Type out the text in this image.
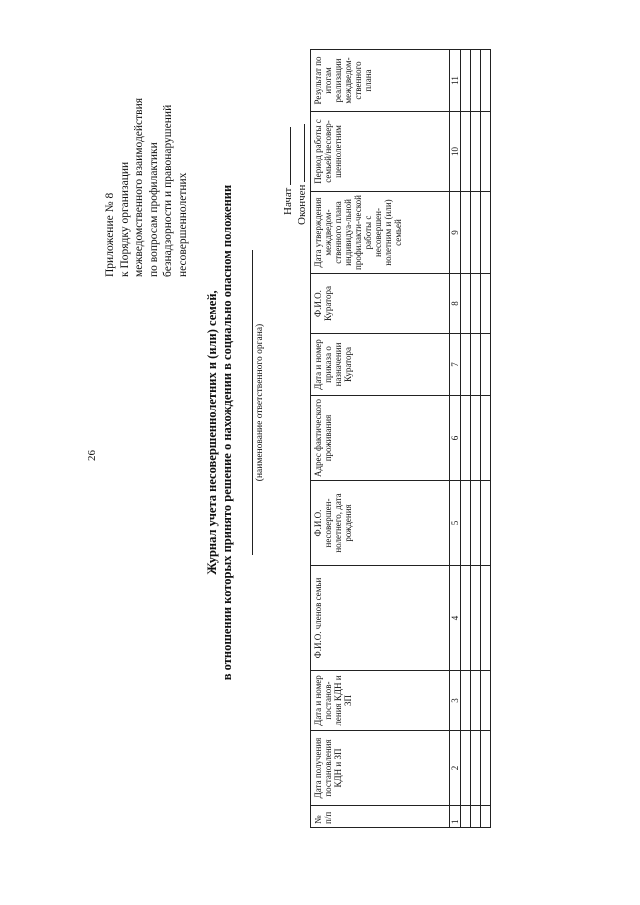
26
Приложение № 8 к Порядку организации межведомственного взаимодействия по вопросам профилактики безнадзорности и правонарушений несовершеннолетних	Начат Окончен
Журнал учета несовершеннолетних и (или) семей, в отношении которых принято решение о нахождении в социально опасном положении (наименование ответственного органа)
№ п/п	Дата получения постановления КДН и ЗП	Дата и номер постанов-ления КДН и ЗП	Ф.И.О. членов семьи	Ф.И.О. несовершен-нолетнего, дата рождения	Адрес фактического проживания	Дата и номер приказа о назначении Куратора	Ф.И.О. Куратора	Дата утверждения междведом-ственного плана индивидуа-льной профилакти-ческой работы с несовершен-нолетним и (или) семьей	Период работы с семьей/несовер-шеннолетним	Результат по итогам реализации междведом-ственного плана
1	2	3	4	5	6	7	8	9	10	11
